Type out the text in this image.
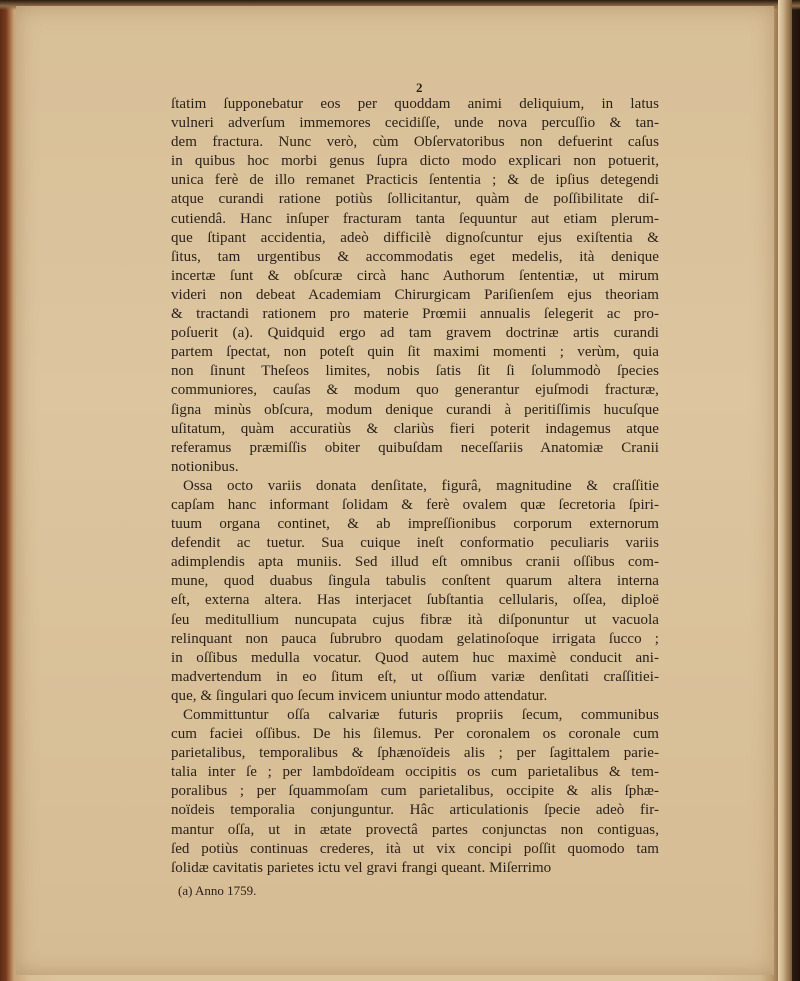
2
ſtatim ſupponebatur eos per quoddam animi deliquium, in latus
vulneri adverſum immemores cecidiſſe, unde nova percuſſio & tan-
dem fractura. Nunc verò, cùm Obſervatoribus non defuerint caſus
in quibus hoc morbi genus ſupra dicto modo explicari non potuerit,
unica ferè de illo remanet Practicis ſententia ; & de ipſius detegendi
atque curandi ratione potiùs ſollicitantur, quàm de poſſibilitate diſ-
cutiendâ. Hanc inſuper fracturam tanta ſequuntur aut etiam plerum-
que ſtipant accidentia, adeò difficilè dignoſcuntur ejus exiſtentia &
ſitus, tam urgentibus & accommodatis eget medelis, ità denique
incertæ ſunt & obſcuræ circà hanc Authorum ſententiæ, ut mirum
videri non debeat Academiam Chirurgicam Pariſienſem ejus theoriam
& tractandi rationem pro materie Prœmii annualis ſelegerit ac pro-
poſuerit (a). Quidquid ergo ad tam gravem doctrinæ artis curandi
partem ſpectat, non poteſt quin ſit maximi momenti ; verùm, quia
non ſinunt Theſeos limites, nobis ſatis ſit ſi ſolummodò ſpecies
communiores, cauſas & modum quo generantur ejuſmodi fracturæ,
ſigna minùs obſcura, modum denique curandi à peritiſſimis hucuſque
uſitatum, quàm accuratiùs & clariùs fieri poterit indagemus atque
referamus præmiſſis obiter quibuſdam neceſſariis Anatomiæ Cranii
notionibus.
Ossa octo variis donata denſitate, figurâ, magnitudine & craſſitie
capſam hanc informant ſolidam & ferè ovalem quæ ſecretoria ſpiri-
tuum organa continet, & ab impreſſionibus corporum externorum
defendit ac tuetur. Sua cuique ineſt conformatio peculiaris variis
adimplendis apta muniis. Sed illud eſt omnibus cranii oſſibus com-
mune, quod duabus ſingula tabulis conſtent quarum altera interna
eſt, externa altera. Has interjacet ſubſtantia cellularis, oſſea, diploë
ſeu meditullium nuncupata cujus fibræ ità diſponuntur ut vacuola
relinquant non pauca ſubrubro quodam gelatinoſoque irrigata ſucco ;
in oſſibus medulla vocatur. Quod autem huc maximè conducit ani-
madvertendum in eo ſitum eſt, ut oſſium variæ denſitati craſſitiei-
que, & ſingulari quo ſecum invicem uniuntur modo attendatur.
Committuntur oſſa calvariæ futuris propriis ſecum, communibus
cum faciei oſſibus. De his ſilemus. Per coronalem os coronale cum
parietalibus, temporalibus & ſphænoïdeis alis ; per ſagittalem parie-
talia inter ſe ; per lambdoïdeam occipitis os cum parietalibus & tem-
poralibus ; per ſquammoſam cum parietalibus, occipite & alis ſphæ-
noïdeis temporalia conjunguntur. Hâc articulationis ſpecie adeò fir-
mantur oſſa, ut in ætate provectâ partes conjunctas non contiguas,
ſed potiùs continuas crederes, ità ut vix concipi poſſit quomodo tam
ſolidæ cavitatis parietes ictu vel gravi frangi queant. Miſerrimo
(a) Anno 1759.
